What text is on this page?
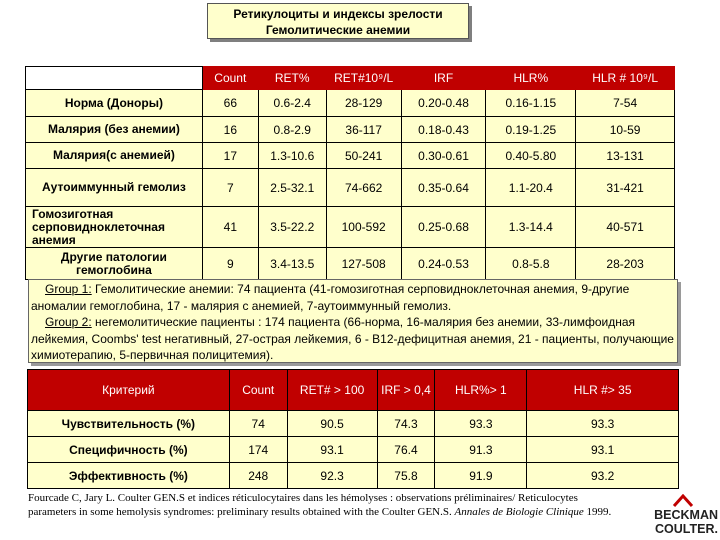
Ретикулоциты и индексы зрелости
Гемолитические анемии
	Count	RET%	RET#10⁹/L	IRF	HLR%	HLR # 10⁹/L
Норма (Доноры)	66	0.6-2.4	28-129	0.20-0.48	0.16-1.15	7-54
Малярия (без анемии)	16	0.8-2.9	36-117	0.18-0.43	0.19-1.25	10-59
Малярия(с анемией)	17	1.3-10.6	50-241	0.30-0.61	0.40-5.80	13-131
Аутоиммунный гемолиз	7	2.5-32.1	74-662	0.35-0.64	1.1-20.4	31-421
Гомозиготная серповидноклеточная анемия	41	3.5-22.2	100-592	0.25-0.68	1.3-14.4	40-571
Другие патологии гемоглобина	9	3.4-13.5	127-508	0.24-0.53	0.8-5.8	28-203
Group 1: Гемолитические анемии: 74 пациента (41-гомозиготная серповидноклеточная анемия, 9-другие аномалии гемоглобина, 17 - малярия с анемией, 7-аутоиммунный гемолиз.
Group 2: негемолитические пациенты : 174 пациента (66-норма, 16-малярия без анемии, 33-лимфоидная лейкемия, Coombs' test негативный, 27-острая лейкемия, 6 - B12-дефицитная анемия, 21 - пациенты, получающие химиотерапию, 5-первичная полицитемия).
Критерий	Count	RET# > 100	IRF > 0,4	HLR%> 1	HLR #> 35
Чувствительность (%)	74	90.5	74.3	93.3	93.3
Специфичность (%)	174	93.1	76.4	91.3	93.1
Эффективность (%)	248	92.3	75.8	91.9	93.2
Fourcade C, Jary L. Coulter GEN.S et indices réticulocytaires dans les hémolyses : observations préliminaires/ Reticulocytes parameters in some hemolysis syndromes: preliminary results obtained with the Coulter GEN.S. Annales de Biologie Clinique 1999.	BECKMAN
COULTER.
